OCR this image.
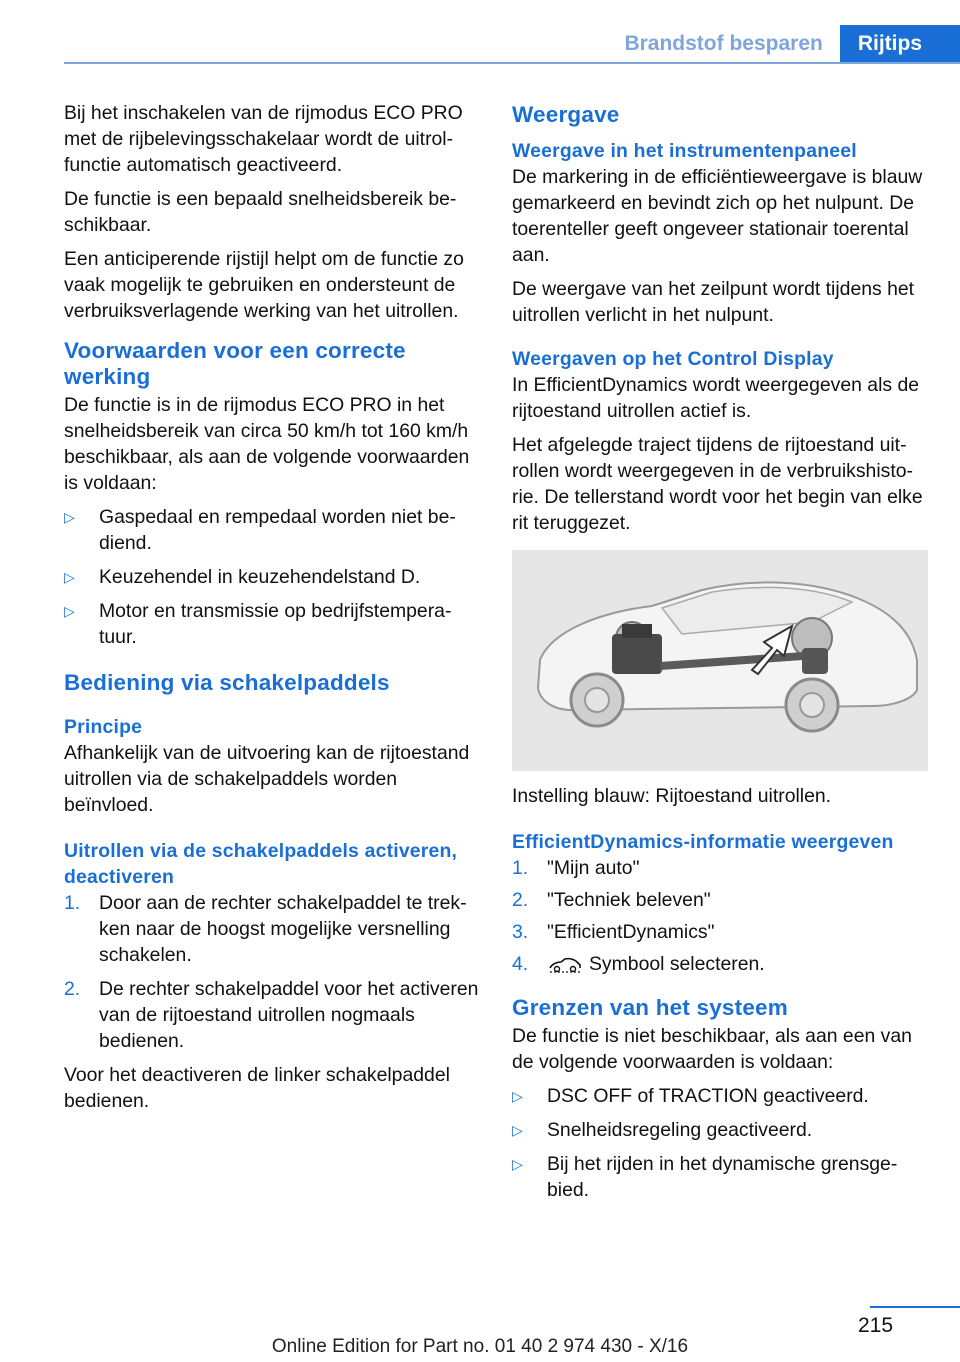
Brandstof besparen	Rijtips

Bij het inschakelen van de rijmodus ECO PRO met de rijbelevingsschakelaar wordt de uitrolfunctie automatisch geactiveerd.

De functie is een bepaald snelheidsbereik beschikbaar.

Een anticiperende rijstijl helpt om de functie zo vaak mogelijk te gebruiken en ondersteunt de verbruiksverlagende werking van het uitrollen.

Voorwaarden voor een correcte werking

De functie is in de rijmodus ECO PRO in het snelheidsbereik van circa 50 km/h tot 160 km/h beschikbaar, als aan de volgende voorwaarden is voldaan:

▷	Gaspedaal en rempedaal worden niet bediend.
▷	Keuzehendel in keuzehendelstand D.
▷	Motor en transmissie op bedrijfstemperatuur.
Bediening via schakelpaddels
Principe

Afhankelijk van de uitvoering kan de rijtoestand uitrollen via de schakelpaddels worden beïnvloed.

Uitrollen via de schakelpaddels activeren, deactiveren
1. Door aan de rechter schakelpaddel te trekken naar de hoogst mogelijke versnelling schakelen.
2. De rechter schakelpaddel voor het activeren van de rijtoestand uitrollen nogmaals bedienen.

Voor het deactiveren de linker schakelpaddel bedienen.

Weergave
Weergave in het instrumentenpaneel

De markering in de efficiëntieweergave is blauw gemarkeerd en bevindt zich op het nulpunt. De toerenteller geeft ongeveer stationair toerental aan.

De weergave van het zeilpunt wordt tijdens het uitrollen verlicht in het nulpunt.

Weergaven op het Control Display

In EfficientDynamics wordt weergegeven als de rijtoestand uitrollen actief is.

Het afgelegde traject tijdens de rijtoestand uitrollen wordt weergegeven in de verbruikshistorie. De tellerstand wordt voor het begin van elke rit teruggezet.

Instelling blauw: Rijtoestand uitrollen.

EfficientDynamics-informatie weergeven
1. "Mijn auto"
2. "Techniek beleven"
3. "EfficientDynamics"
4.	Symbool selecteren.
Grenzen van het systeem

De functie is niet beschikbaar, als aan een van de volgende voorwaarden is voldaan:

▷	DSC OFF of TRACTION geactiveerd.
▷	Snelheidsregeling geactiveerd.
▷	Bij het rijden in het dynamische grensgebied.
215
Online Edition for Part no. 01 40 2 974 430 - X/16
